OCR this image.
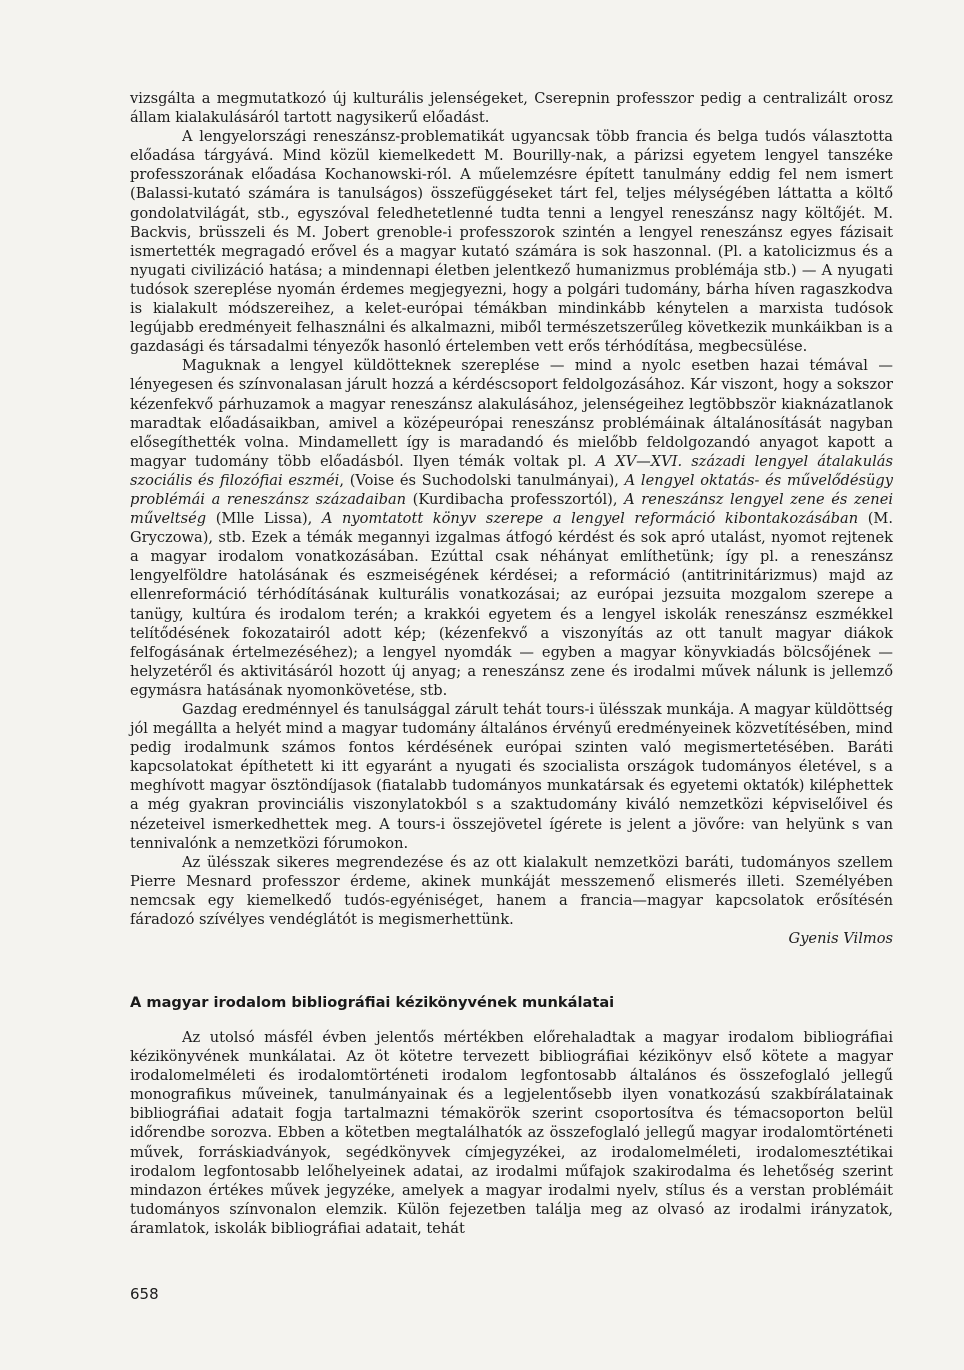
vizsgálta a megmutatkozó új kulturális jelenségeket, Cserepnin professzor pedig a centralizált orosz állam kialakulásáról tartott nagysikerű előadást.

A lengyelországi reneszánsz-problematikát ugyancsak több francia és belga tudós választotta előadása tárgyává. Mind közül kiemelkedett M. Bourilly-nak, a párizsi egyetem lengyel tanszéke professzorának előadása Kochanowski-ról. A műelemzésre épített tanulmány eddig fel nem ismert (Balassi-kutató számára is tanulságos) összefüggéseket tárt fel, teljes mélységében láttatta a költő gondolatvilágát, stb., egyszóval feledhetetlenné tudta tenni a lengyel reneszánsz nagy költőjét. M. Backvis, brüsszeli és M. Jobert grenoble-i professzorok szintén a lengyel reneszánsz egyes fázisait ismertették megragadó erővel és a magyar kutató számára is sok haszonnal. (Pl. a katolicizmus és a nyugati civilizáció hatása; a mindennapi életben jelentkező humanizmus problémája stb.) — A nyugati tudósok szereplése nyomán érdemes megjegyezni, hogy a polgári tudomány, bárha híven ragaszkodva is kialakult módszereihez, a kelet-európai témákban mindinkább kénytelen a marxista tudósok legújabb eredményeit felhasználni és alkalmazni, miből természetszerűleg következik munkáikban is a gazdasági és társadalmi tényezők hasonló értelemben vett erős térhódítása, megbecsülése.

Maguknak a lengyel küldötteknek szereplése — mind a nyolc esetben hazai témával — lényegesen és színvonalasan járult hozzá a kérdéscsoport feldolgozásához. Kár viszont, hogy a sokszor kézenfekvő párhuzamok a magyar reneszánsz alakulásához, jelenségeihez legtöbbször kiaknázatlanok maradtak előadásaikban, amivel a középeurópai reneszánsz problémáinak általánosítását nagyban elősegíthették volna. Mindamellett így is maradandó és mielőbb feldolgozandó anyagot kapott a magyar tudomány több előadásból. Ilyen témák voltak pl. A XV—XVI. századi lengyel átalakulás szociális és filozófiai eszméi, (Voise és Suchodolski tanulmányai), A lengyel oktatás- és művelődésügy problémái a reneszánsz századaiban (Kurdibacha professzortól), A reneszánsz lengyel zene és zenei műveltség (Mlle Lissa), A nyomtatott könyv szerepe a lengyel reformáció kibontakozásában (M. Gryczowa), stb. Ezek a témák megannyi izgalmas átfogó kérdést és sok apró utalást, nyomot rejtenek a magyar irodalom vonatkozásában. Ezúttal csak néhányat említhetünk; így pl. a reneszánsz lengyelföldre hatolásának és eszmeiségének kérdései; a reformáció (antitrinitárizmus) majd az ellenreformáció térhódításának kulturális vonatkozásai; az európai jezsuita mozgalom szerepe a tanügy, kultúra és irodalom terén; a krakkói egyetem és a lengyel iskolák reneszánsz eszmékkel telítődésének fokozatairól adott kép; (kézenfekvő a viszonyítás az ott tanult magyar diákok felfogásának értelmezéséhez); a lengyel nyomdák — egyben a magyar könyvkiadás bölcsőjének — helyzetéről és aktivitásáról hozott új anyag; a reneszánsz zene és irodalmi művek nálunk is jellemző egymásra hatásának nyomonkövetése, stb.

Gazdag eredménnyel és tanulsággal zárult tehát tours-i ülésszak munkája. A magyar küldöttség jól megállta a helyét mind a magyar tudomány általános érvényű eredményeinek közvetítésében, mind pedig irodalmunk számos fontos kérdésének európai szinten való megismertetésében. Baráti kapcsolatokat építhetett ki itt egyaránt a nyugati és szocialista országok tudományos életével, s a meghívott magyar ösztöndíjasok (fiatalabb tudományos munkatársak és egyetemi oktatók) kiléphettek a még gyakran provinciális viszonylatokból s a szaktudomány kiváló nemzetközi képviselőivel és nézeteivel ismerkedhettek meg. A tours-i összejövetel ígérete is jelent a jövőre: van helyünk s van tennivalónk a nemzetközi fórumokon.

Az ülésszak sikeres megrendezése és az ott kialakult nemzetközi baráti, tudományos szellem Pierre Mesnard professzor érdeme, akinek munkáját messzemenő elismerés illeti. Személyében nemcsak egy kiemelkedő tudós-egyéniséget, hanem a francia—magyar kapcsolatok erősítésén fáradozó szívélyes vendéglátót is megismerhettünk.

Gyenis Vilmos

A magyar irodalom bibliográfiai kézikönyvének munkálatai

Az utolsó másfél évben jelentős mértékben előrehaladtak a magyar irodalom bibliográfiai kézikönyvének munkálatai. Az öt kötetre tervezett bibliográfiai kézikönyv első kötete a magyar irodalomelméleti és irodalomtörténeti irodalom legfontosabb általános és összefoglaló jellegű monografikus műveinek, tanulmányainak és a legjelentősebb ilyen vonatkozású szakbírálatainak bibliográfiai adatait fogja tartalmazni témakörök szerint csoportosítva és témacsoporton belül időrendbe sorozva. Ebben a kötetben megtalálhatók az összefoglaló jellegű magyar irodalomtörténeti művek, forráskiadványok, segédkönyvek címjegyzékei, az irodalomelméleti, irodalomesztétikai irodalom legfontosabb lelőhelyeinek adatai, az irodalmi műfajok szakirodalma és lehetőség szerint mindazon értékes művek jegyzéke, amelyek a magyar irodalmi nyelv, stílus és a verstan problémáit tudományos színvonalon elemzik. Külön fejezetben találja meg az olvasó az irodalmi irányzatok, áramlatok, iskolák bibliográfiai adatait, tehát

658
